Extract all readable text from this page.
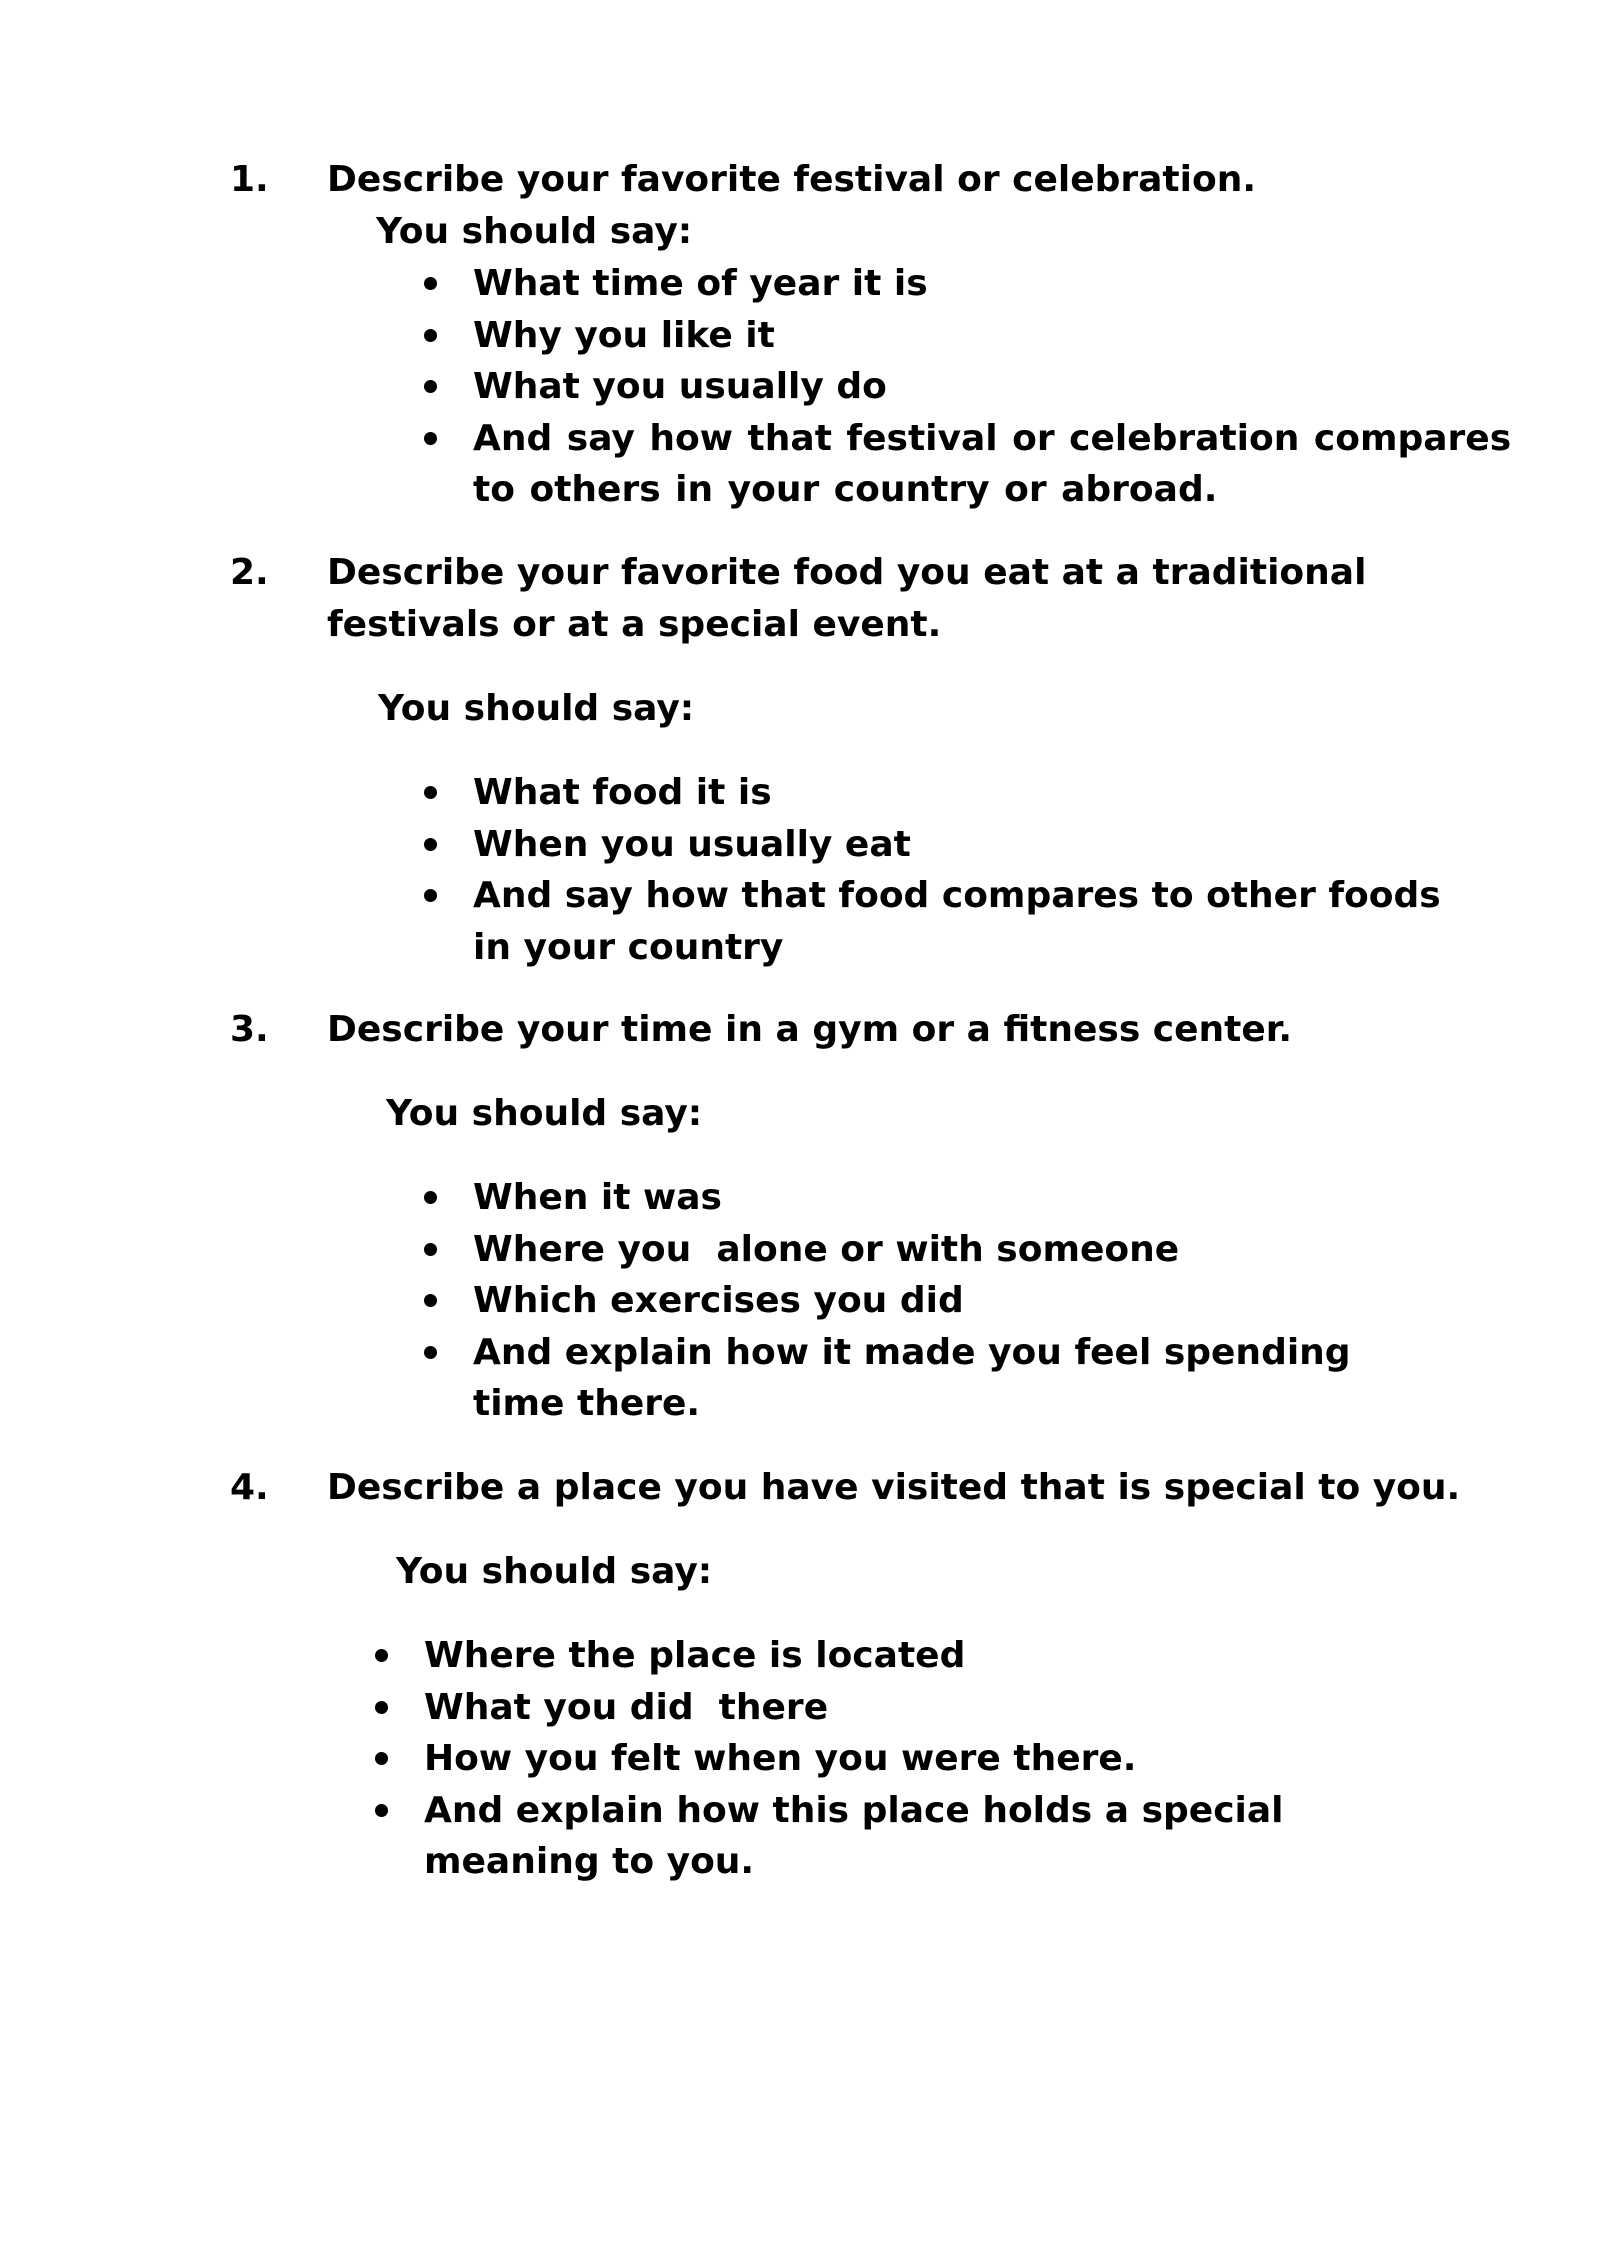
1. Describe your favorite festival or celebration.
You should say:
What time of year it is
Why you like it
What you usually do
And say how that festival or celebration compares to others in your country or abroad.
2. Describe your favorite food you eat at a traditional festivals or at a special event.
You should say:
What food it is
When you usually eat
And say how that food compares to other foods in your country
3. Describe your time in a gym or a fitness center.
You should say:
When it was
Where you  alone or with someone
Which exercises you did
And explain how it made you feel spending time there.
4. Describe a place you have visited that is special to you.
You should say:
Where the place is located
What you did  there
How you felt when you were there.
And explain how this place holds a special meaning to you.
